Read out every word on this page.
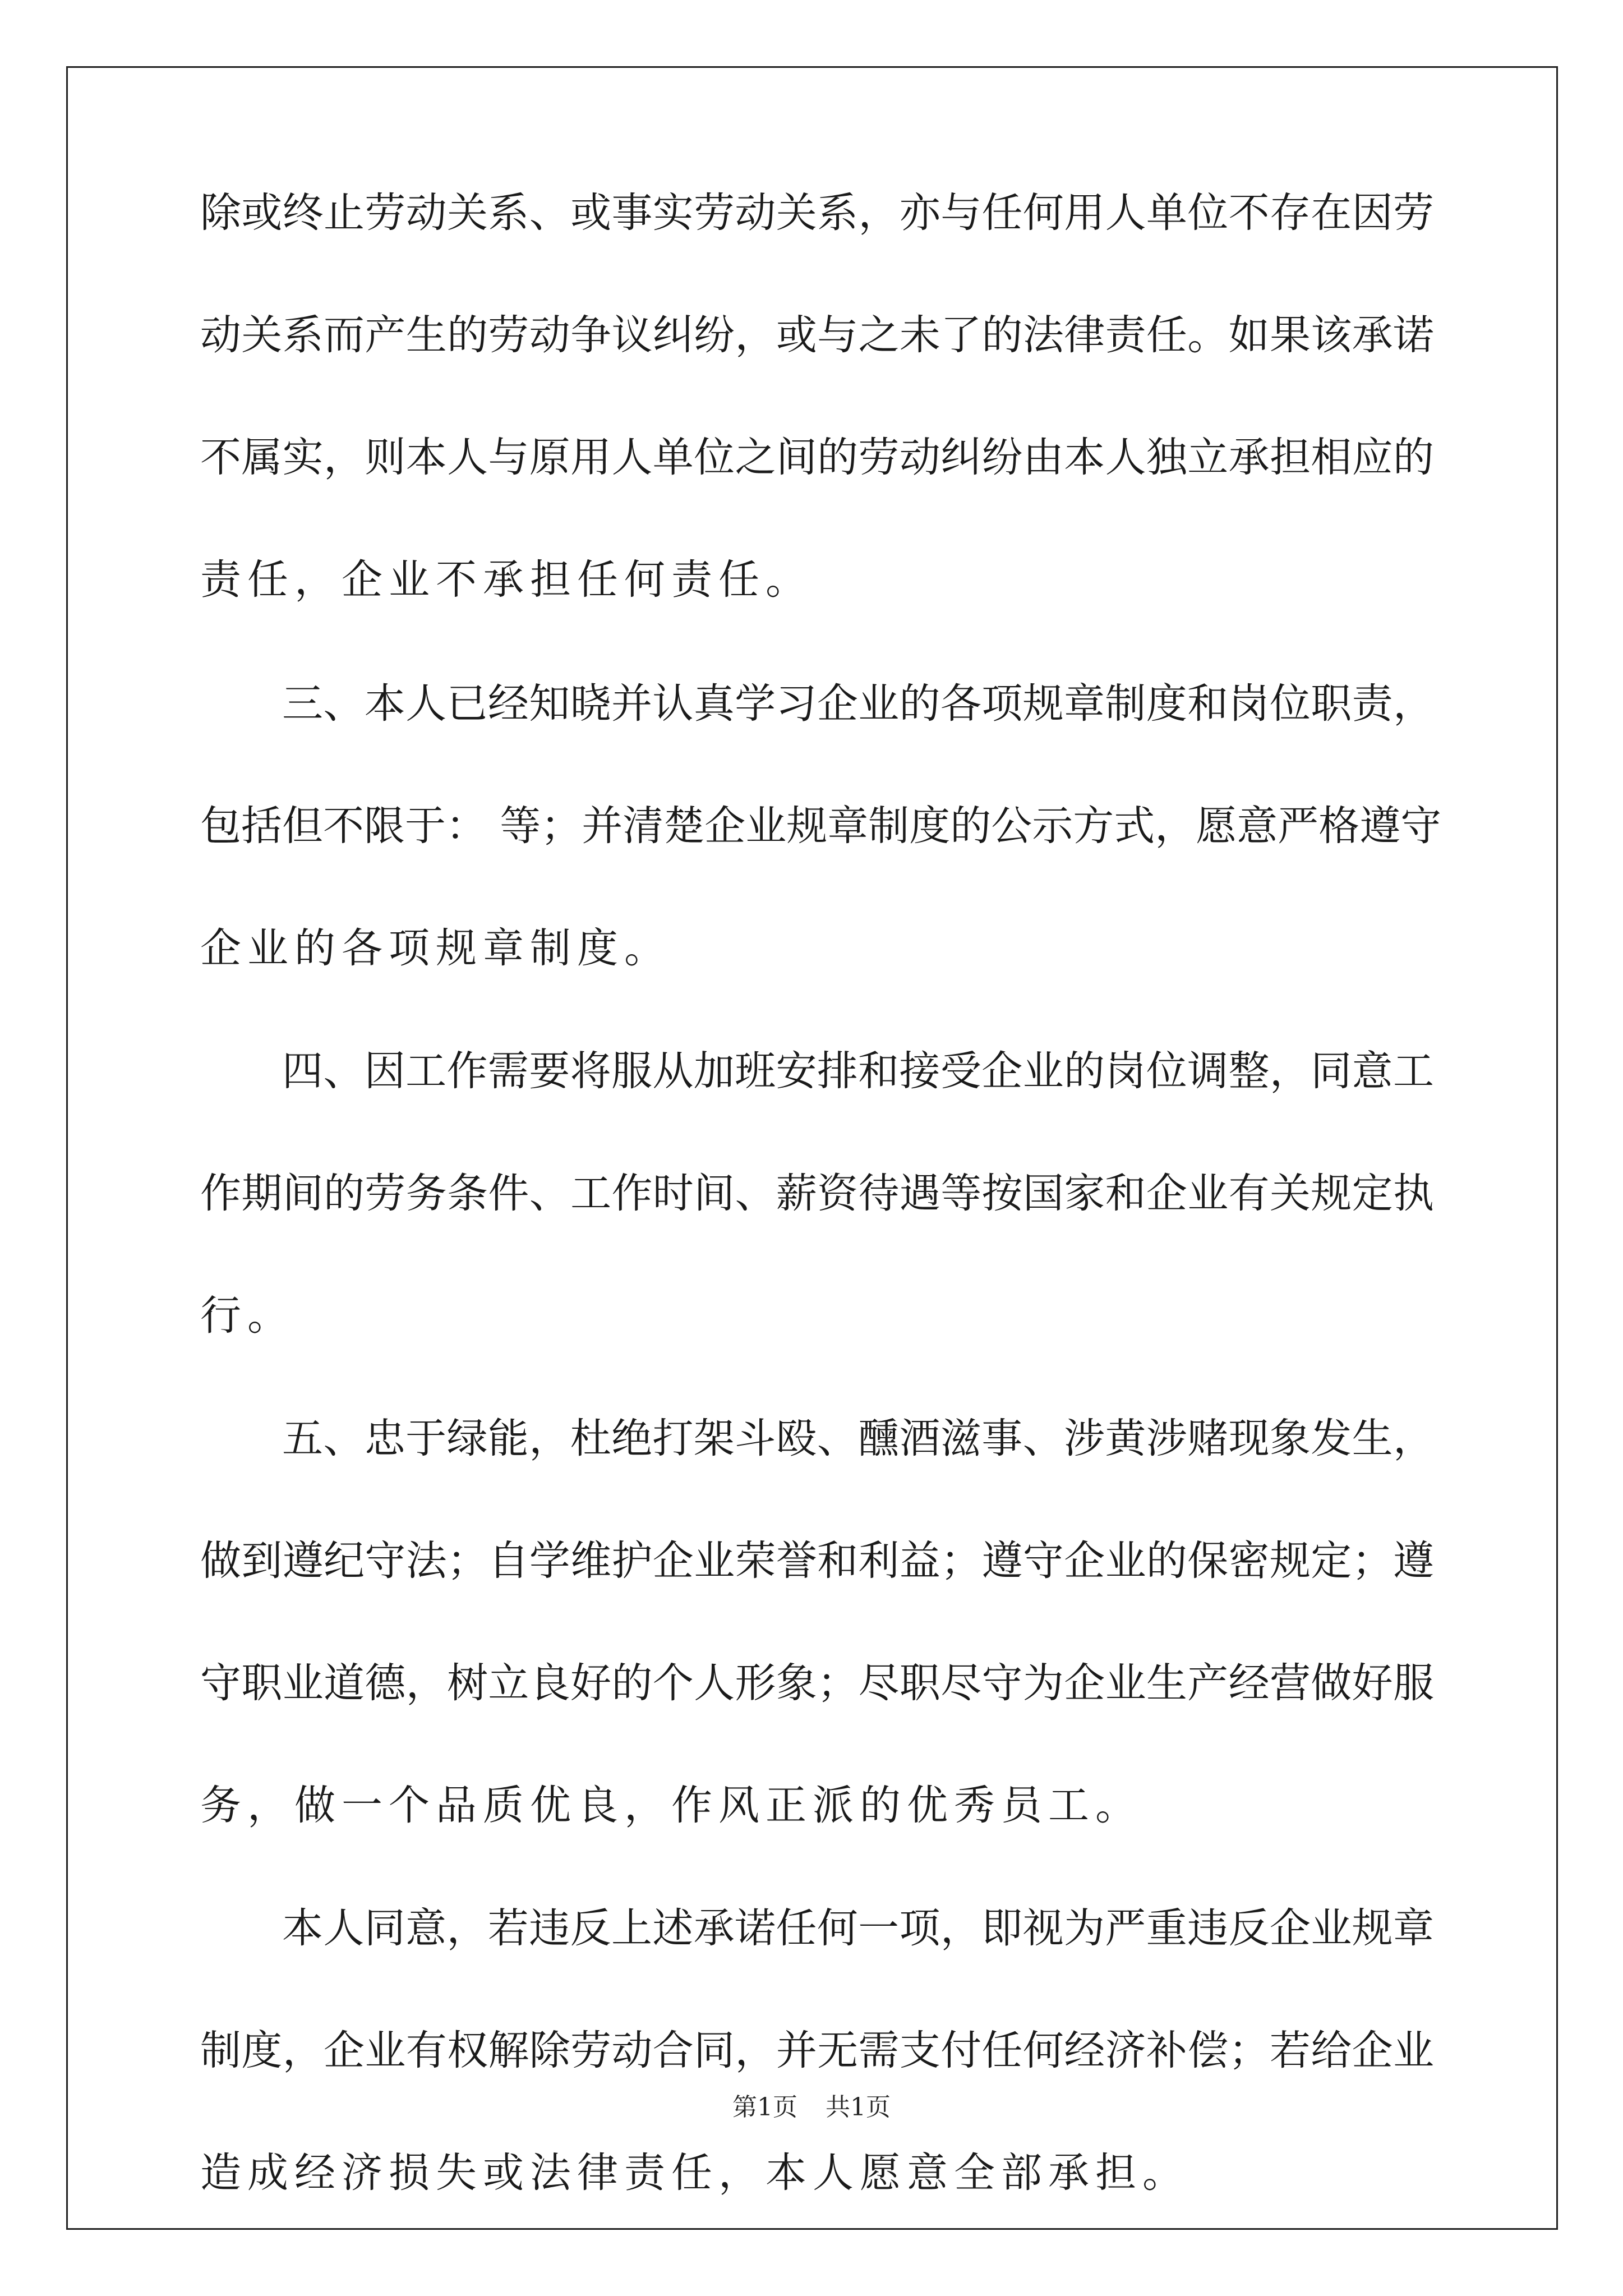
除或终止劳动关系、或事实劳动关系，亦与任何用人单位不存在因劳
动关系而产生的劳动争议纠纷，或与之未了的法律责任。如果该承诺
不属实，则本人与原用人单位之间的劳动纠纷由本人独立承担相应的
责任，企业不承担任何责任。
三、本人已经知晓并认真学习企业的各项规章制度和岗位职责，
包括但不限于： 等；并清楚企业规章制度的公示方式，愿意严格遵守
企业的各项规章制度。
四、因工作需要将服从加班安排和接受企业的岗位调整，同意工
作期间的劳务条件、工作时间、薪资待遇等按国家和企业有关规定执
行。
五、忠于绿能，杜绝打架斗殴、醺酒滋事、涉黄涉赌现象发生，
做到遵纪守法；自学维护企业荣誉和利益；遵守企业的保密规定；遵
守职业道德，树立良好的个人形象；尽职尽守为企业生产经营做好服
务，做一个品质优良，作风正派的优秀员工。
本人同意，若违反上述承诺任何一项，即视为严重违反企业规章
制度，企业有权解除劳动合同，并无需支付任何经济补偿；若给企业
造成经济损失或法律责任，本人愿意全部承担。
第1页 共1页
